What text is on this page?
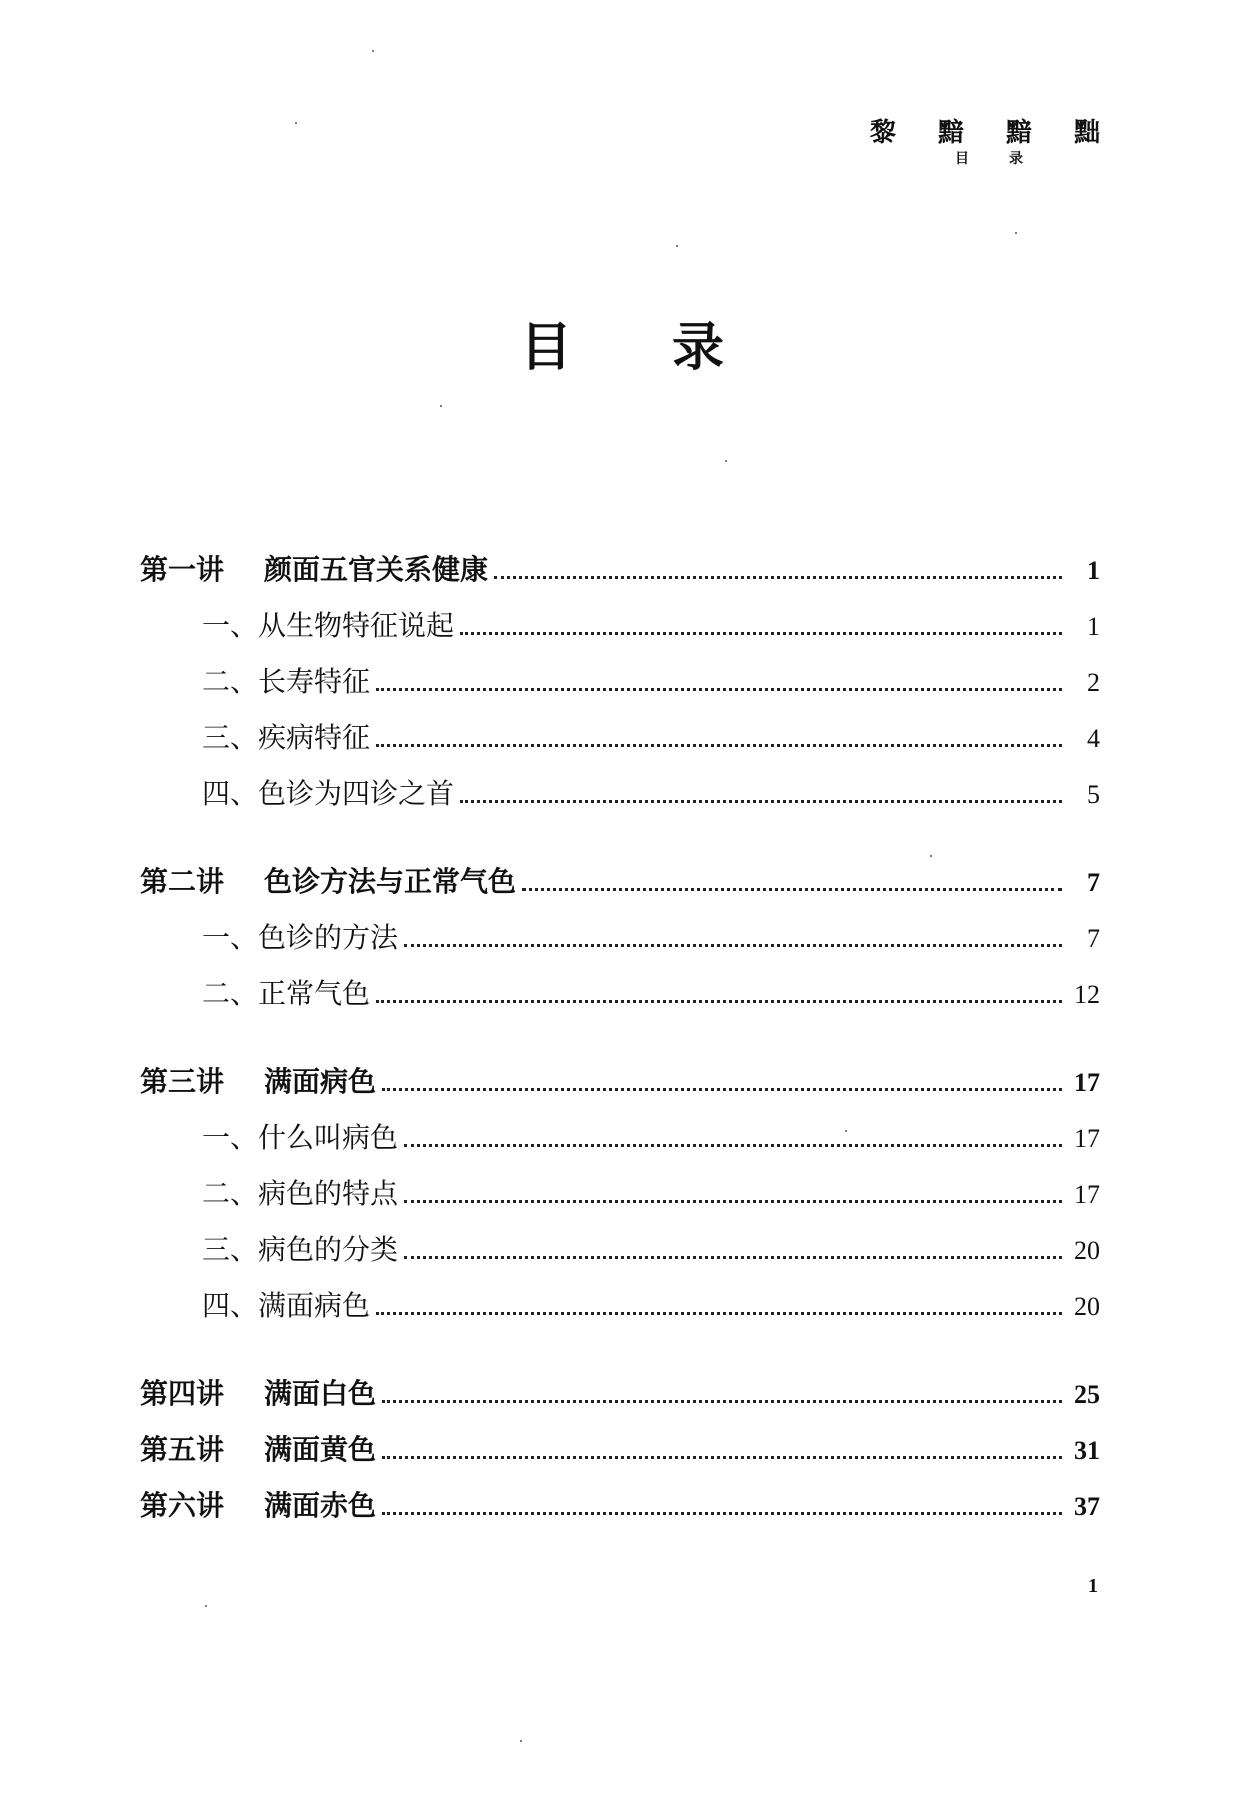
黎 黯 黯 黜
目录
目录
第一讲 颜面五官关系健康	1
一、从生物特征说起	1
二、长寿特征	2
三、疾病特征	4
四、色诊为四诊之首	5
第二讲 色诊方法与正常气色	7
一、色诊的方法	7
二、正常气色	12
第三讲 满面病色	17
一、什么叫病色	17
二、病色的特点	17
三、病色的分类	20
四、满面病色	20
第四讲 满面白色	25
第五讲 满面黄色	31
第六讲 满面赤色	37
1
